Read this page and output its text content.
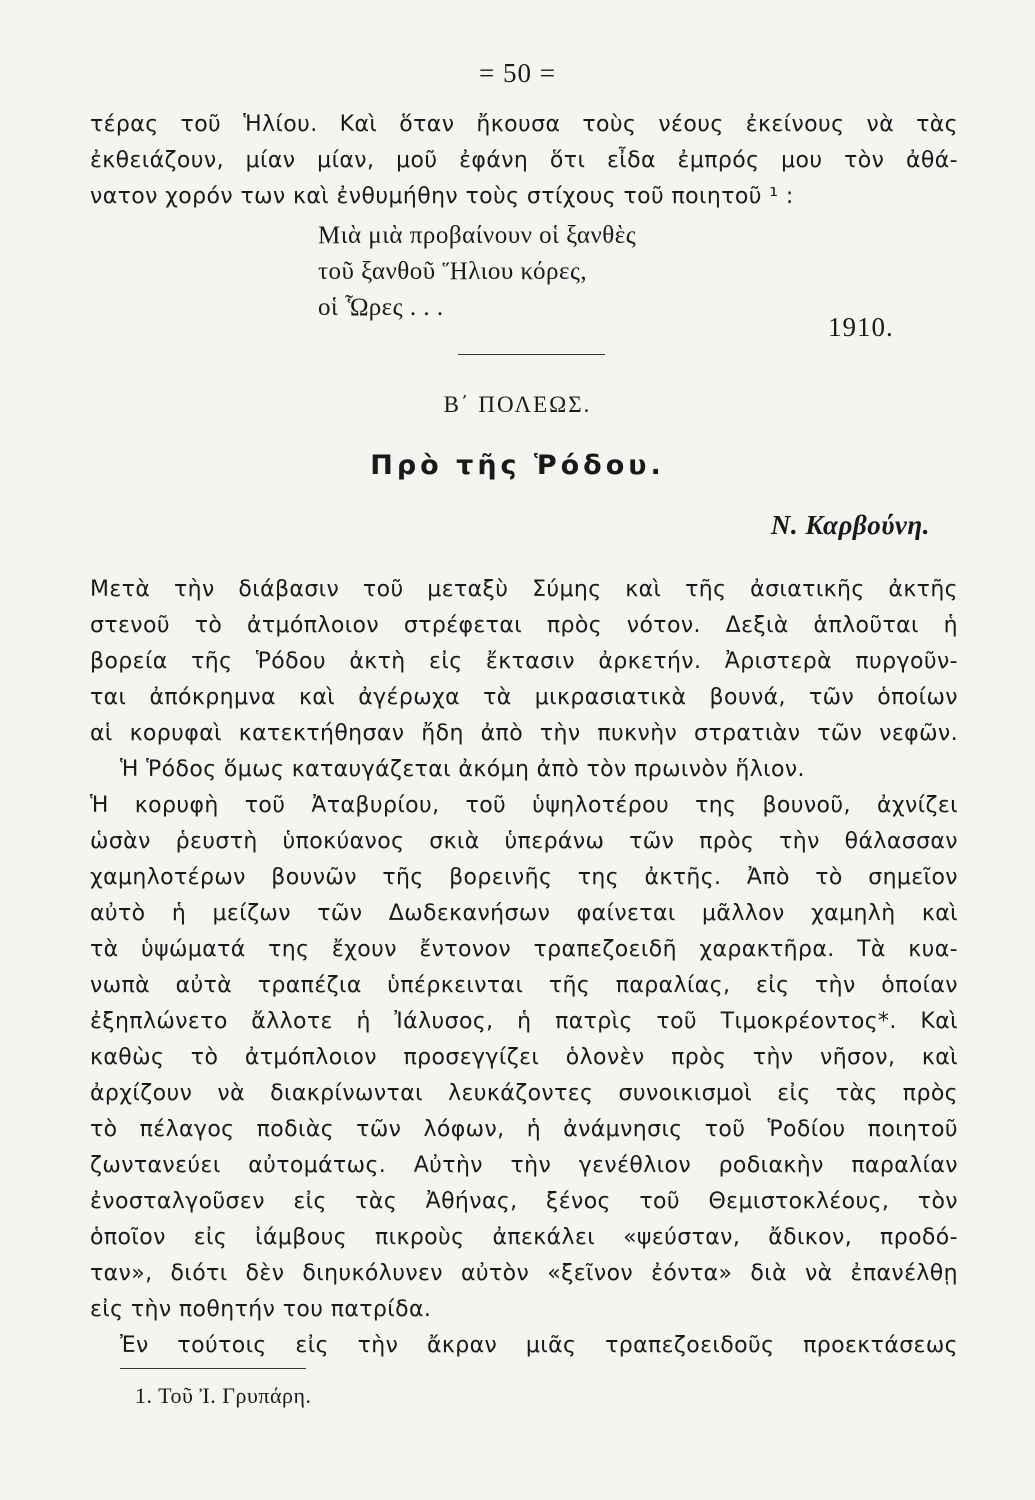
= 50 =
τέρας τοῦ Ἡλίου. Καὶ ὅταν ἤκουσα τοὺς νέους ἐκείνους νὰ τὰς
ἐκθειάζουν, μίαν μίαν, μοῦ ἐφάνη ὅτι εἶδα ἐμπρός μου τὸν ἀθά-
νατον χορόν των καὶ ἐνθυμήθην τοὺς στίχους τοῦ ποιητοῦ ¹ :
Μιὰ μιὰ προβαίνουν οἱ ξανθὲς
τοῦ ξανθοῦ Ἥλιου κόρες,
οἱ Ὧρες . . .
1910.
Β΄ ΠΟΛΕΩΣ.
Πρὸ τῆς Ῥόδου.
Ν. Καρβούνη.
Μετὰ τὴν διάβασιν τοῦ μεταξὺ Σύμης καὶ τῆς ἀσιατικῆς ἀκτῆς
στενοῦ τὸ ἀτμόπλοιον στρέφεται πρὸς νότον. Δεξιὰ ἁπλοῦται ἡ
βορεία τῆς Ῥόδου ἀκτὴ εἰς ἔκτασιν ἀρκετήν. Ἀριστερὰ πυργοῦν-
ται ἀπόκρημνα καὶ ἀγέρωχα τὰ μικρασιατικὰ βουνά, τῶν ὁποίων
αἱ κορυφαὶ κατεκτήθησαν ἤδη ἀπὸ τὴν πυκνὴν στρατιὰν τῶν νεφῶν.
Ἡ Ῥόδος ὅμως καταυγάζεται ἀκόμη ἀπὸ τὸν πρωινὸν ἥλιον.
Ἡ κορυφὴ τοῦ Ἀταβυρίου, τοῦ ὑψηλοτέρου της βουνοῦ, ἀχνίζει
ὡσὰν ῥευστὴ ὑποκύανος σκιὰ ὑπεράνω τῶν πρὸς τὴν θάλασσαν
χαμηλοτέρων βουνῶν τῆς βορεινῆς της ἀκτῆς. Ἀπὸ τὸ σημεῖον
αὐτὸ ἡ μείζων τῶν Δωδεκανήσων φαίνεται μᾶλλον χαμηλὴ καὶ
τὰ ὑψώματά της ἔχουν ἔντονον τραπεζοειδῆ χαρακτῆρα. Τὰ κυα-
νωπὰ αὐτὰ τραπέζια ὑπέρκεινται τῆς παραλίας, εἰς τὴν ὁποίαν
ἐξηπλώνετο ἄλλοτε ἡ Ἰάλυσος, ἡ πατρὶς τοῦ Τιμοκρέοντος*. Καὶ
καθὼς τὸ ἀτμόπλοιον προσεγγίζει ὁλονὲν πρὸς τὴν νῆσον, καὶ
ἀρχίζουν νὰ διακρίνωνται λευκάζοντες συνοικισμοὶ εἰς τὰς πρὸς
τὸ πέλαγος ποδιὰς τῶν λόφων, ἡ ἀνάμνησις τοῦ Ῥοδίου ποιητοῦ
ζωντανεύει αὐτομάτως. Αὐτὴν τὴν γενέθλιον ροδιακὴν παραλίαν
ἐνοσταλγοῦσεν εἰς τὰς Ἀθήνας, ξένος τοῦ Θεμιστοκλέους, τὸν
ὁποῖον εἰς ἰάμβους πικροὺς ἀπεκάλει «ψεύσταν, ἄδικον, προδό-
ταν», διότι δὲν διηυκόλυνεν αὐτὸν «ξεῖνον ἐόντα» διὰ νὰ ἐπανέλθῃ
εἰς τὴν ποθητήν του πατρίδα.
Ἐν τούτοις εἰς τὴν ἄκραν μιᾶς τραπεζοειδοῦς προεκτάσεως
1. Τοῦ Ἰ. Γρυπάρη.
